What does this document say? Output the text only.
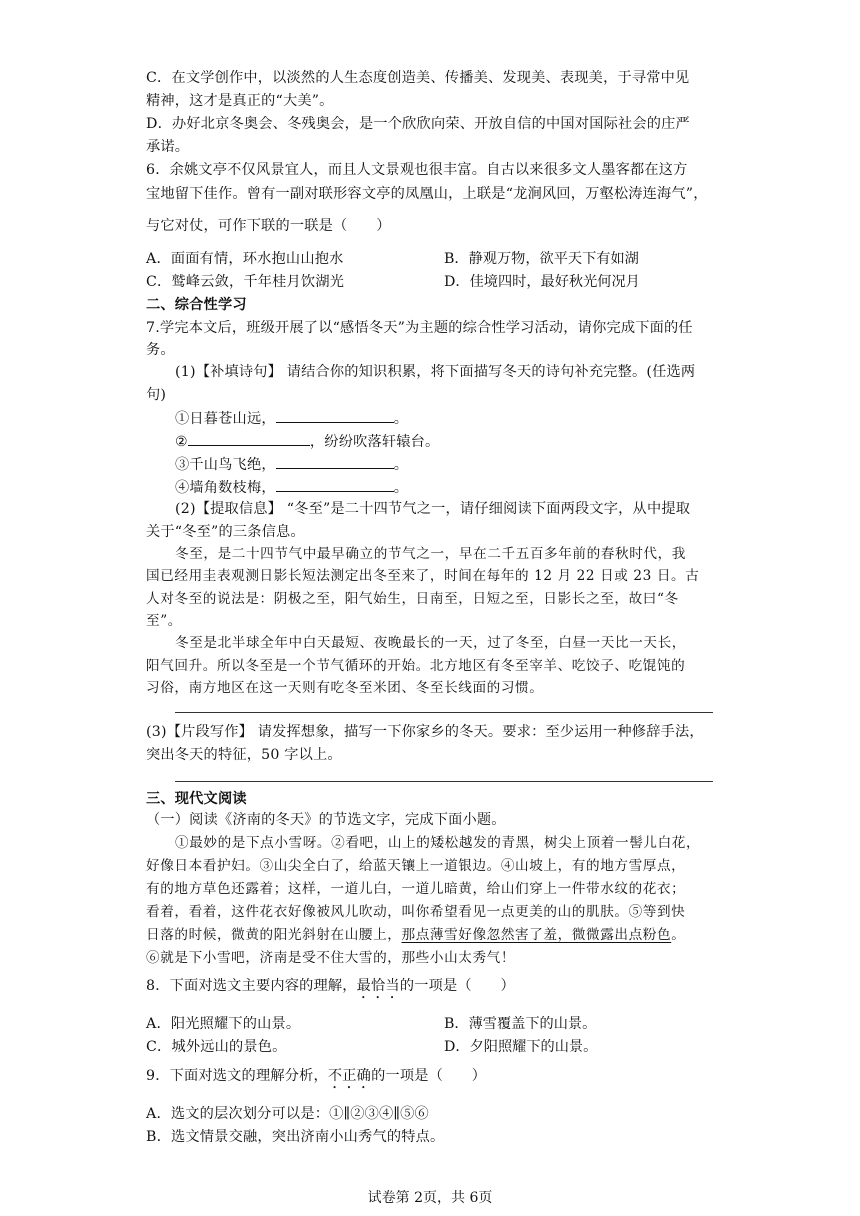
C．在文学创作中，以淡然的人生态度创造美、传播美、发现美、表现美，于寻常中见
精神，这才是真正的“大美”。
D．办好北京冬奥会、冬残奥会，是一个欣欣向荣、开放自信的中国对国际社会的庄严
承诺。
6．余姚文亭不仅风景宜人，而且人文景观也很丰富。自古以来很多文人墨客都在这方
宝地留下佳作。曾有一副对联形容文亭的凤凰山，上联是“龙涧风回，万壑松涛连海气”，
与它对仗，可作下联的一联是（　　）
A．面面有情，环水抱山山抱水	B．静观万物，欲平天下有如湖
C．鹫峰云敛，千年桂月饮湖光	D．佳境四时，最好秋光何况月
二、综合性学习
7.学完本文后，班级开展了以“感悟冬天”为主题的综合性学习活动，请你完成下面的任
务。
(1)【补填诗句】 请结合你的知识积累，将下面描写冬天的诗句补充完整。(任选两
句)
①日暮苍山远，	。
②	，纷纷吹落轩辕台。
③千山鸟飞绝，	。
④墙角数枝梅，	。
(2)【提取信息】 “冬至”是二十四节气之一，请仔细阅读下面两段文字，从中提取
关于“冬至”的三条信息。
冬至，是二十四节气中最早确立的节气之一，早在二千五百多年前的春秋时代，我
国已经用圭表观测日影长短法测定出冬至来了，时间在每年的 12 月 22 日或 23 日。古
人对冬至的说法是：阴极之至，阳气始生，日南至，日短之至，日影长之至，故曰“冬
至”。
冬至是北半球全年中白天最短、夜晚最长的一天，过了冬至，白昼一天比一天长，
阳气回升。所以冬至是一个节气循环的开始。北方地区有冬至宰羊、吃饺子、吃馄饨的
习俗，南方地区在这一天则有吃冬至米团、冬至长线面的习惯。
(3)【片段写作】 请发挥想象，描写一下你家乡的冬天。要求：至少运用一种修辞手法，
突出冬天的特征，50 字以上。
三、现代文阅读
（一）阅读《济南的冬天》的节选文字，完成下面小题。
①最妙的是下点小雪呀。②看吧，山上的矮松越发的青黑，树尖上顶着一髻儿白花，
好像日本看护妇。③山尖全白了，给蓝天镶上一道银边。④山坡上，有的地方雪厚点，
有的地方草色还露着；这样，一道儿白，一道儿暗黄，给山们穿上一件带水纹的花衣；
看着，看着，这件花衣好像被风儿吹动，叫你希望看见一点更美的山的肌肤。⑤等到快
日落的时候，微黄的阳光斜射在山腰上，那点薄雪好像忽然害了羞，微微露出点粉色。
⑥就是下小雪吧，济南是受不住大雪的，那些小山太秀气！
8．下面对选文主要内容的理解，最恰当的一项是（　　）
A．阳光照耀下的山景。	B．薄雪覆盖下的山景。
C．城外远山的景色。	D．夕阳照耀下的山景。
9．下面对选文的理解分析，不正确的一项是（　　）
A．选文的层次划分可以是：①∥②③④∥⑤⑥
B．选文情景交融，突出济南小山秀气的特点。
试卷第 2页，共 6页
